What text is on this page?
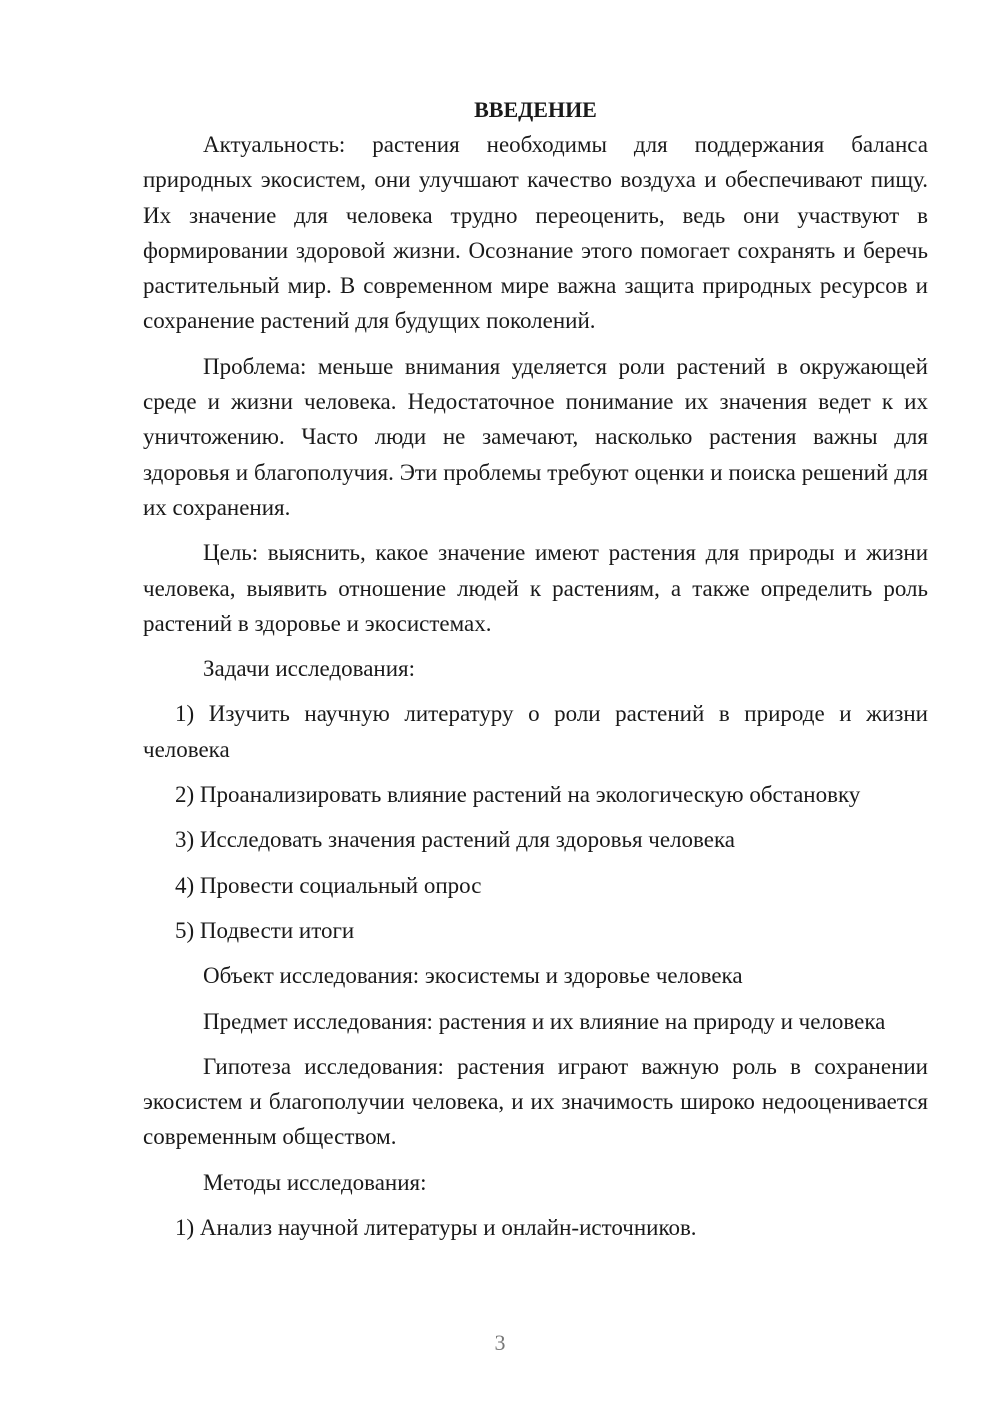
ВВЕДЕНИЕ

Актуальность: растения необходимы для поддержания баланса природных экосистем, они улучшают качество воздуха и обеспечивают пищу. Их значение для человека трудно переоценить, ведь они участвуют в формировании здоровой жизни. Осознание этого помогает сохранять и беречь растительный мир. В современном мире важна защита природных ресурсов и сохранение растений для будущих поколений.

Проблема: меньше внимания уделяется роли растений в окружающей среде и жизни человека. Недостаточное понимание их значения ведет к их уничтожению. Часто люди не замечают, насколько растения важны для здоровья и благополучия. Эти проблемы требуют оценки и поиска решений для их сохранения.

Цель: выяснить, какое значение имеют растения для природы и жизни человека, выявить отношение людей к растениям, а также определить роль растений в здоровье и экосистемах.

Задачи исследования:

1) Изучить научную литературу о роли растений в природе и жизни человека

2) Проанализировать влияние растений на экологическую обстановку

3) Исследовать значения растений для здоровья человека

4) Провести социальный опрос

5) Подвести итоги

Объект исследования: экосистемы и здоровье человека

Предмет исследования: растения и их влияние на природу и человека

Гипотеза исследования: растения играют важную роль в сохранении экосистем и благополучии человека, и их значимость широко недооценивается современным обществом.

Методы исследования:

1) Анализ научной литературы и онлайн-источников.

3
